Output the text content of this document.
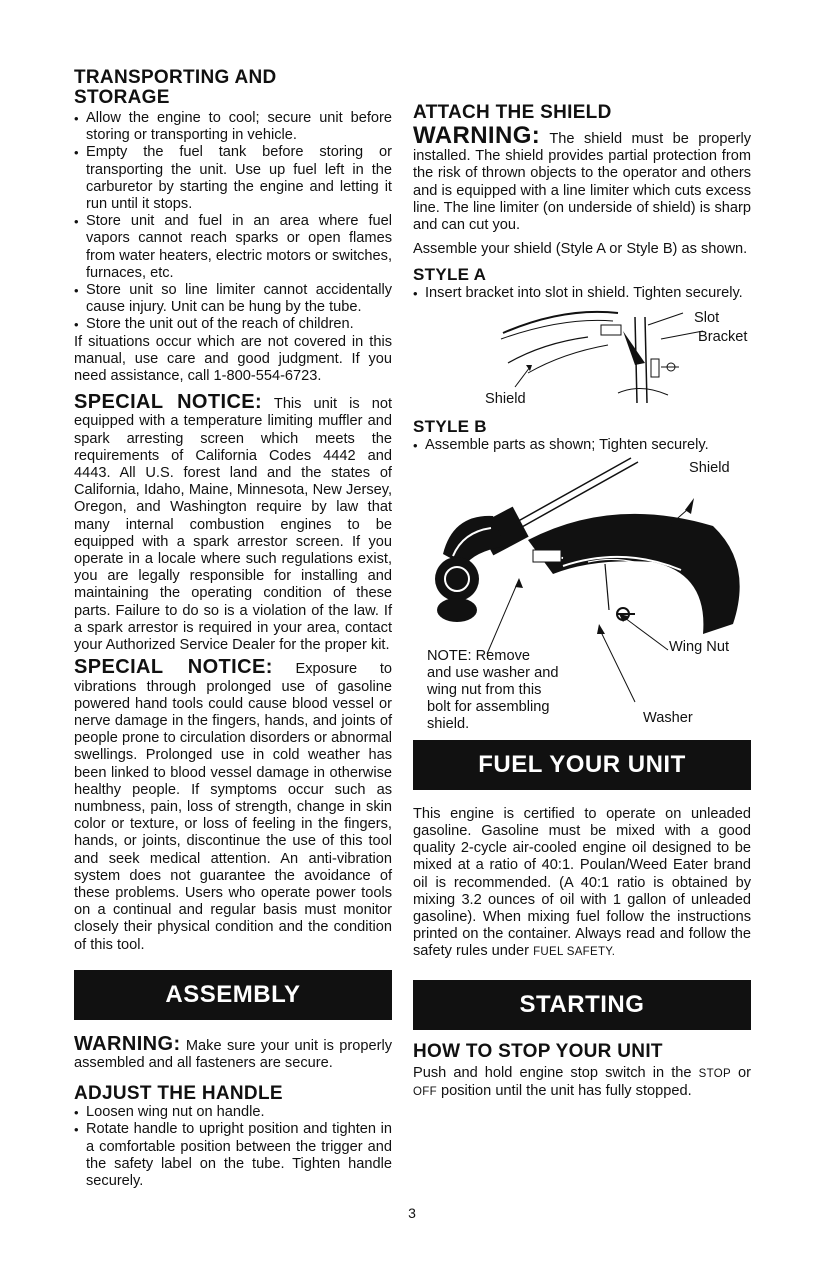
TRANSPORTING AND
STORAGE
• Allow the engine to cool; secure unit before storing or transporting in vehicle.
• Empty the fuel tank before storing or transporting the unit. Use up fuel left in the carburetor by starting the engine and letting it run until it stops.
• Store unit and fuel in an area where fuel vapors cannot reach sparks or open flames from water heaters, electric motors or switches, furnaces, etc.
• Store unit so line limiter cannot accidentally cause injury. Unit can be hung by the tube.
• Store the unit out of the reach of children.

If situations occur which are not covered in this manual, use care and good judgment. If you need assistance, call 1-800-554-6723.

SPECIAL NOTICE: This unit is not equipped with a temperature limiting muffler and spark arresting screen which meets the requirements of California Codes 4442 and 4443. All U.S. forest land and the states of California, Idaho, Maine, Minnesota, New Jersey, Oregon, and Washington require by law that many internal combustion engines to be equipped with a spark arrestor screen. If you operate in a locale where such regulations exist, you are legally responsible for installing and maintaining the operating condition of these parts. Failure to do so is a violation of the law. If a spark arrestor is required in your area, contact your Authorized Service Dealer for the proper kit.

SPECIAL NOTICE: Exposure to vibrations through prolonged use of gasoline powered hand tools could cause blood vessel or nerve damage in the fingers, hands, and joints of people prone to circulation disorders or abnormal swellings. Prolonged use in cold weather has been linked to blood vessel damage in otherwise healthy people. If symptoms occur such as numbness, pain, loss of strength, change in skin color or texture, or loss of feeling in the fingers, hands, or joints, discontinue the use of this tool and seek medical attention. An anti-vibration system does not guarantee the avoidance of these problems. Users who operate power tools on a continual and regular basis must monitor closely their physical condition and the condition of this tool.

ASSEMBLY

WARNING: Make sure your unit is properly assembled and all fasteners are secure.

ADJUST THE HANDLE
• Loosen wing nut on handle.
• Rotate handle to upright position and tighten in a comfortable position between the trigger and the safety label on the tube. Tighten handle securely.
ATTACH THE SHIELD

WARNING: The shield must be properly installed. The shield provides partial protection from the risk of thrown objects to the operator and others and is equipped with a line limiter which cuts excess line. The line limiter (on underside of shield) is sharp and can cut you.

Assemble your shield (Style A or Style B) as shown.

STYLE A
• Insert bracket into slot in shield. Tighten securely.
Slot
Bracket
Shield
STYLE B
• Assemble parts as shown; Tighten securely.
Shield
Wing Nut
Washer
NOTE: Remove
and use washer and
wing nut from this
bolt for assembling
shield.
FUEL YOUR UNIT

This engine is certified to operate on unleaded gasoline. Gasoline must be mixed with a good quality 2-cycle air-cooled engine oil designed to be mixed at a ratio of 40:1. Poulan/Weed Eater brand oil is recommended. (A 40:1 ratio is obtained by mixing 3.2 ounces of oil with 1 gallon of unleaded gasoline). When mixing fuel follow the instructions printed on the container. Always read and follow the safety rules under FUEL SAFETY.

STARTING
HOW TO STOP YOUR UNIT

Push and hold engine stop switch in the STOP or OFF position until the unit has fully stopped.

3
